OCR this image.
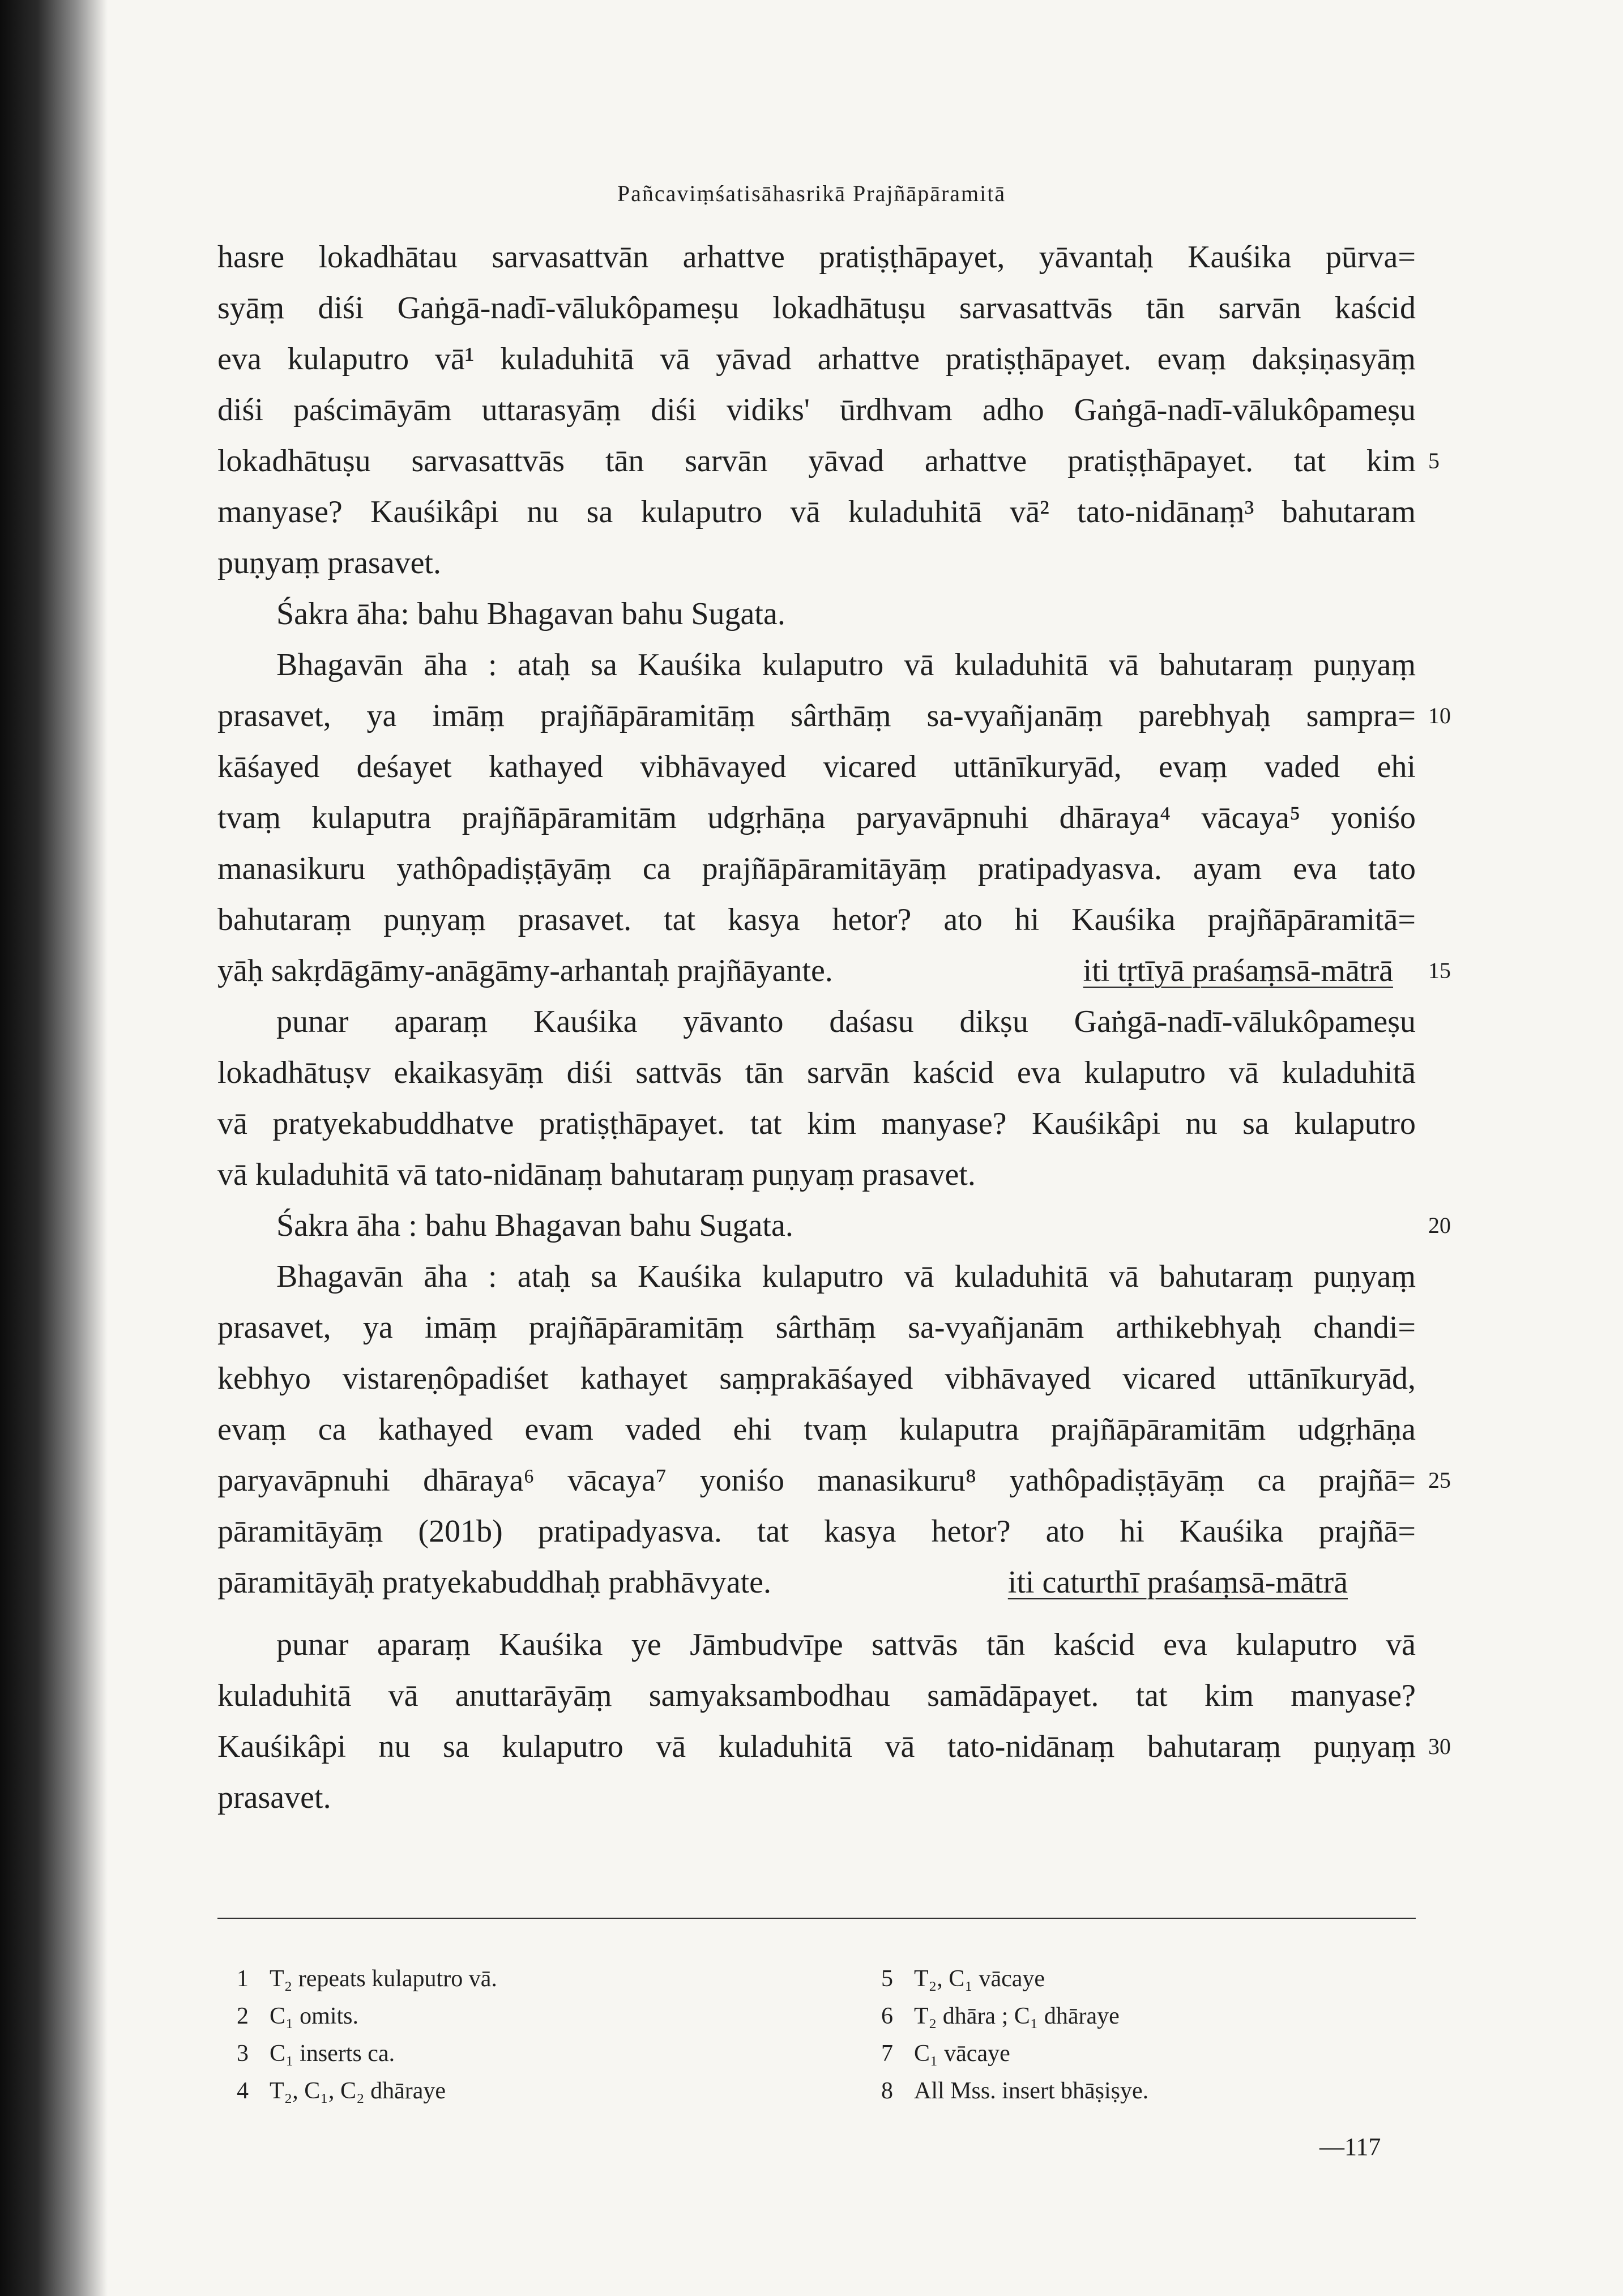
Pañcaviṃśatisāhasrikā Prajñāpāramitā
hasre lokadhātau sarvasattvān arhattve pratiṣṭhāpayet, yāvantaḥ Kauśika pūrva=
syāṃ diśi Gaṅgā-nadī-vālukôpameṣu lokadhātuṣu sarvasattvās tān sarvān kaścid
eva kulaputro vā¹ kuladuhitā vā yāvad arhattve pratiṣṭhāpayet. evaṃ dakṣiṇasyāṃ
diśi paścimāyām uttarasyāṃ diśi vidiks' ūrdhvam adho Gaṅgā-nadī-vālukôpameṣu
lokadhātuṣu sarvasattvās tān sarvān yāvad arhattve pratiṣṭhāpayet. tat kim 5
manyase? Kauśikâpi nu sa kulaputro vā kuladuhitā vā² tato-nidānaṃ³ bahutaram
puṇyaṃ prasavet.
Śakra āha: bahu Bhagavan bahu Sugata.
Bhagavān āha : ataḥ sa Kauśika kulaputro vā kuladuhitā vā bahutaraṃ puṇyaṃ
prasavet, ya imāṃ prajñāpāramitāṃ sârthāṃ sa-vyañjanāṃ parebhyaḥ sampra= 10
kāśayed deśayet kathayed vibhāvayed vicared uttānīkuryād, evaṃ vaded ehi
tvaṃ kulaputra prajñāpāramitām udgṛhāṇa paryavāpnuhi dhāraya⁴ vācaya⁵ yoniśo
manasikuru yathôpadiṣṭāyāṃ ca prajñāpāramitāyāṃ pratipadyasva. ayam eva tato
bahutaraṃ puṇyaṃ prasavet. tat kasya hetor? ato hi Kauśika prajñāpāramitā=
yāḥ sakṛdāgāmy-anāgāmy-arhantaḥ prajñāyante.	iti tṛtīyā praśaṃsā-mātrā 15
punar aparaṃ Kauśika yāvanto daśasu dikṣu Gaṅgā-nadī-vālukôpameṣu
lokadhātuṣv ekaikasyāṃ diśi sattvās tān sarvān kaścid eva kulaputro vā kuladuhitā
vā pratyekabuddhatve pratiṣṭhāpayet. tat kim manyase? Kauśikâpi nu sa kulaputro
vā kuladuhitā vā tato-nidānaṃ bahutaraṃ puṇyaṃ prasavet.
Śakra āha : bahu Bhagavan bahu Sugata.	20
Bhagavān āha : ataḥ sa Kauśika kulaputro vā kuladuhitā vā bahutaraṃ puṇyaṃ
prasavet, ya imāṃ prajñāpāramitāṃ sârthāṃ sa-vyañjanām arthikebhyaḥ chandi=
kebhyo vistareṇôpadiśet kathayet saṃprakāśayed vibhāvayed vicared uttānīkuryād,
evaṃ ca kathayed evam vaded ehi tvaṃ kulaputra prajñāpāramitām udgṛhāṇa
paryavāpnuhi dhāraya⁶ vācaya⁷ yoniśo manasikuru⁸ yathôpadiṣṭāyāṃ ca prajñā= 25
pāramitāyāṃ (201b) pratipadyasva. tat kasya hetor? ato hi Kauśika prajñā=
pāramitāyāḥ pratyekabuddhaḥ prabhāvyate.	iti caturthī praśaṃsā-mātrā
punar aparaṃ Kauśika ye Jāmbudvīpe sattvās tān kaścid eva kulaputro vā
kuladuhitā vā anuttarāyāṃ samyaksambodhau samādāpayet. tat kim manyase?
Kauśikâpi nu sa kulaputro vā kuladuhitā vā tato-nidānaṃ bahutaraṃ puṇyaṃ 30
prasavet.
1 T₂ repeats kulaputro vā.
2 C₁ omits.
3 C₁ inserts ca.
4 T₂, C₁, C₂ dhāraye
5 T₂, C₁ vācaye
6 T₂ dhāra ; C₁ dhāraye
7 C₁ vācaye
8 All Mss. insert bhāṣiṣye.
—117
